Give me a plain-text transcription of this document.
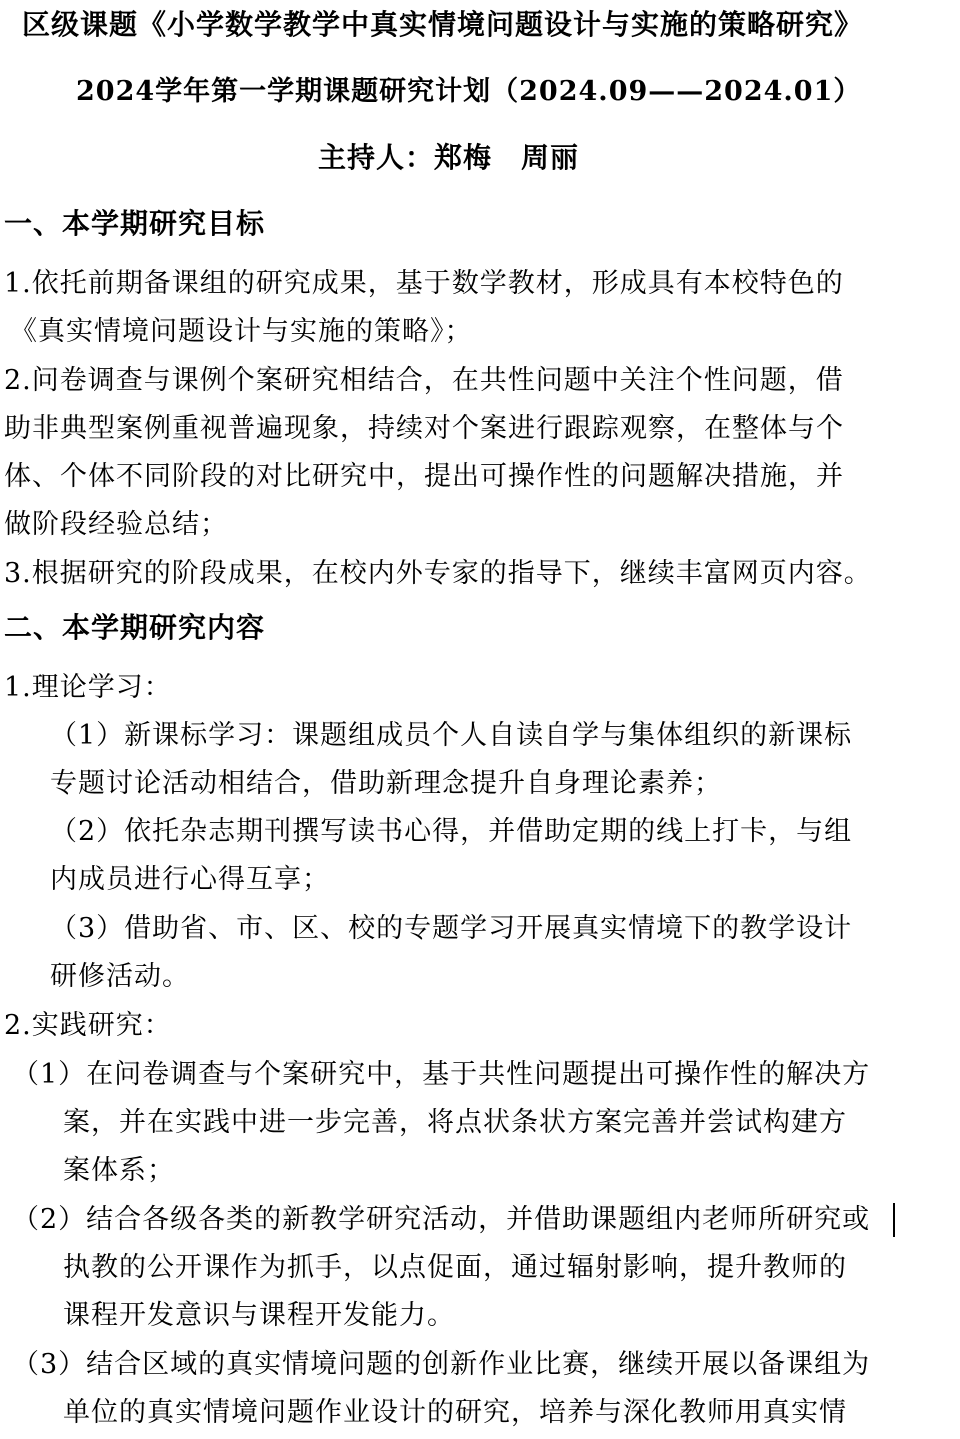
区级课题《小学数学教学中真实情境问题设计与实施的策略研究》
2024学年第一学期课题研究计划（2024.09——2024.01）
主持人：郑梅　周丽
一、本学期研究目标
1.依托前期备课组的研究成果，基于数学教材，形成具有本校特色的
《真实情境问题设计与实施的策略》；
2.问卷调查与课例个案研究相结合，在共性问题中关注个性问题，借
助非典型案例重视普遍现象，持续对个案进行跟踪观察，在整体与个
体、个体不同阶段的对比研究中，提出可操作性的问题解决措施，并
做阶段经验总结；
3.根据研究的阶段成果，在校内外专家的指导下，继续丰富网页内容。
二、本学期研究内容
1.理论学习：
（1）新课标学习：课题组成员个人自读自学与集体组织的新课标
专题讨论活动相结合，借助新理念提升自身理论素养；
（2）依托杂志期刊撰写读书心得，并借助定期的线上打卡，与组
内成员进行心得互享；
（3）借助省、市、区、校的专题学习开展真实情境下的教学设计
研修活动。
2.实践研究：
（1）在问卷调查与个案研究中，基于共性问题提出可操作性的解决方
案，并在实践中进一步完善，将点状条状方案完善并尝试构建方
案体系；
（2）结合各级各类的新教学研究活动，并借助课题组内老师所研究或
执教的公开课作为抓手，以点促面，通过辐射影响，提升教师的
课程开发意识与课程开发能力。
（3）结合区域的真实情境问题的创新作业比赛，继续开展以备课组为
单位的真实情境问题作业设计的研究，培养与深化教师用真实情
